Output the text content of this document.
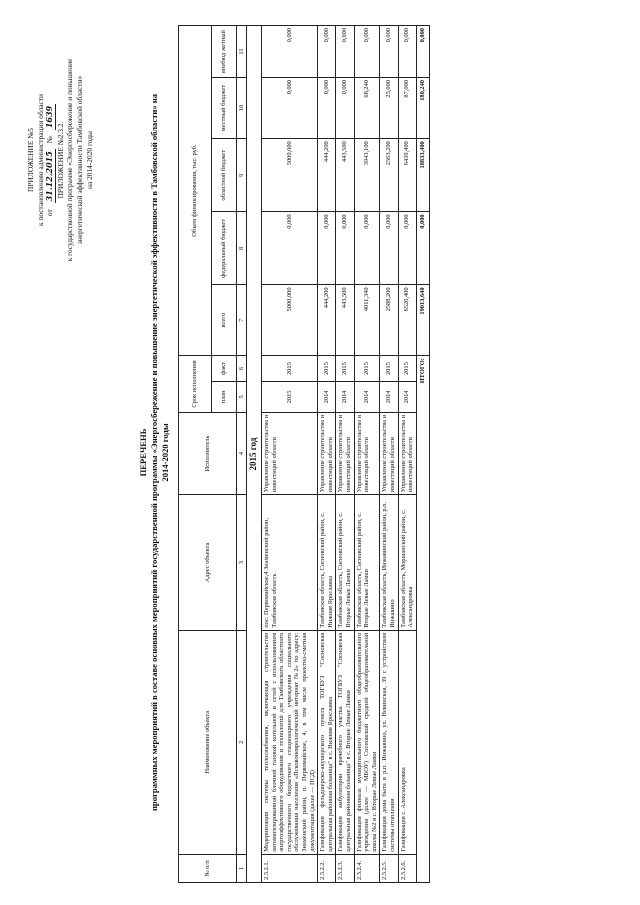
ПРИЛОЖЕНИЕ №5 к постановлению администрации области от
31.12.2015
№
1639
ПРИЛОЖЕНИЕ №2.3.2. к государственной программе «Энергосбережение и повышение энергетической эффективности Тамбовской области» на 2014-2020 годы
ПЕРЕЧЕНЬ программных мероприятий в составе основных мероприятий государственной программы «Энергосбережение и повышение энергетической эффективности в Тамбовской области» на 2014-2020 годы
№ п/п	Наименование объекта	Адрес объекта	Исполнитель	Срок исполнения		Объем финансирования, тыс. руб.				
				план	факт	всего	федеральный бюджет	областной бюджет	местный бюджет	внебюд жетный
1	2	3	4	5	6	7	8	9	10	11
2015 год										
2.3.2.1.	Модернизация системы теплоснабжения, включающая строительство автоматизированной блочной газовой котельной и сетей с использованием энергоэффективного оборудования и технологий для Тамбовского областного государственного бюджетного стационарного учреждения социального обслуживания населения «Псковоневрологический интернат №2» по адресу: Знаменский район, п. Первомайское, 4, в том числе проектно-сметная документация (далее — ПСД)	пос. Первомайское,4 Знаменский район, Тамбовская область	Управление строительства и инвестиций области	2015	2015	5000,000	0,000	5000,000	0,000	0,000
2.3.2.2.	Газификация фельдшерско-акушерского пункта ТОГБУЗ "Сосновская центральная районная больница" в с. Нижняя Ярославка	Тамбовская область, Сосновский район, с. Нижняя Ярославка	Управление строительства и инвестиций области	2014	2015	444,200	0,000	444,200	0,000	0,000
2.3.2.3.	Газификация амбулатории врачебного участка ТОГБУЗ "Сосновская центральная районная больница" в с. Вторые Левые Ламки	Тамбовская область, Сосновский район, с. Вторые Левые Ламки	Управление строительства и инвестиций области	2014	2015	443,500	0,000	443,500	0,000	0,000
2.3.2.4.	Газификация филиала муниципального бюджетного общеобразовательного учреждения (далее — МБОУ) Сосновской средней общеобразовательной школы №2 в с. Вторые Левые Ламки	Тамбовская область, Сосновский район, с. Вторые Левые Ламки	Управление строительства и инвестиций области	2014	2015	4011,340	0,000	3943,100	68,240	0,000
2.3.2.5.	Газификация дома быта в р.п. Инжавино, ул. Невинская, 39 с устройством системы отопления	Тамбовская область, Инжавинский район, р.п. Инжавино	Управление строительства и инвестиций области	2014	2015	2588,200	0,000	2563,200	25,000	0,000
2.3.2.6.	Газификация с. Александровка	Тамбовская область, Моршанский район, с. Александровка	Управление строительства и инвестиций области	2014	2015	6526,400	0,000	6439,400	87,000	0,000
ИТОГО:						19013,640	0,000	18833,400	180,240	0,000
